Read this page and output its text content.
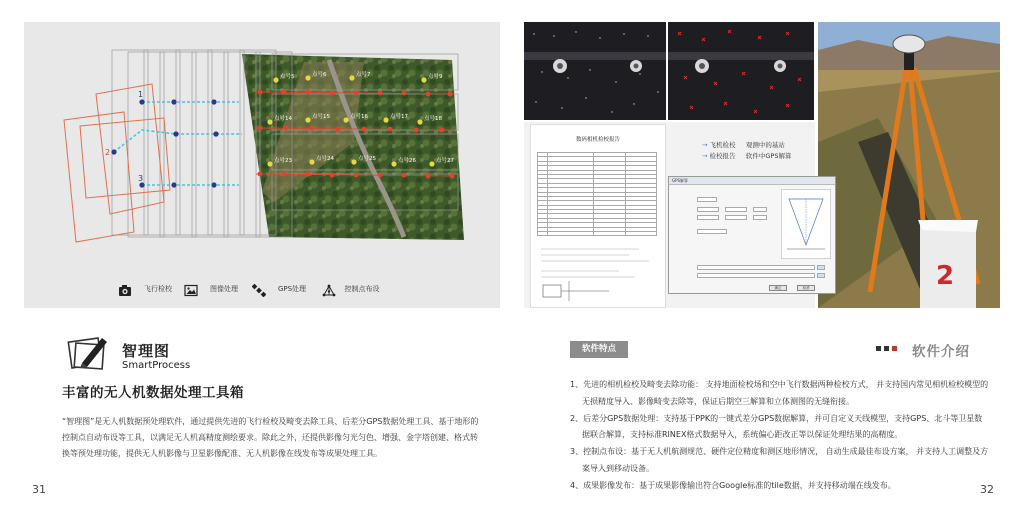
1
2
3
点号5	点号6	点号7	点号9
点号14	点号15	点号16	点号17	点号18
点号23	点号24	点号25	点号26	点号27
飞行检校	图像处理	GPS处理	控制点布设
智理图
SmartProcess
丰富的无人机数据处理工具箱
“智理图”是无人机数据预处理软件，通过提供先进的飞行检校及畸变去除工具、后差分GPS数据处理工具、基于地形的控制点自动布设等工具，以满足无人机高精度测绘要求。除此之外，还提供影像匀光匀色、增强、金字塔创建、格式转换等预处理功能，提供无人机影像与卫星影像配准、无人机影像在线发布等成果处理工具。
31
2

数码相机检校报告

→ 飞机检校 观测中的基站
→ 检校报告 软件中GPS解算
GPS解算
确定	取消
软件特点	软件介绍
1、先进的相机检校及畸变去除功能： 支持地面检校场和空中飞行数据两种检校方式， 并支持国内常见相机检校模型的无损精度导入、影像畸变去除等，保证后期空三解算和立体测图的无缝衔接。
2、后差分GPS数据处理：支持基于PPK的一键式差分GPS数据解算，并可自定义天线模型，支持GPS、北斗等卫星数据联合解算，支持标准RINEX格式数据导入，系统偏心距改正等以保证处理结果的高精度。
3、控制点布设：基于无人机航测规范、硬件定位精度和测区地形情况， 自动生成最佳布设方案， 并支持人工调整及方案导入到移动设备。
4、成果影像发布：基于成果影像输出符合Google标准的tile数据，并支持移动端在线发布。	32
